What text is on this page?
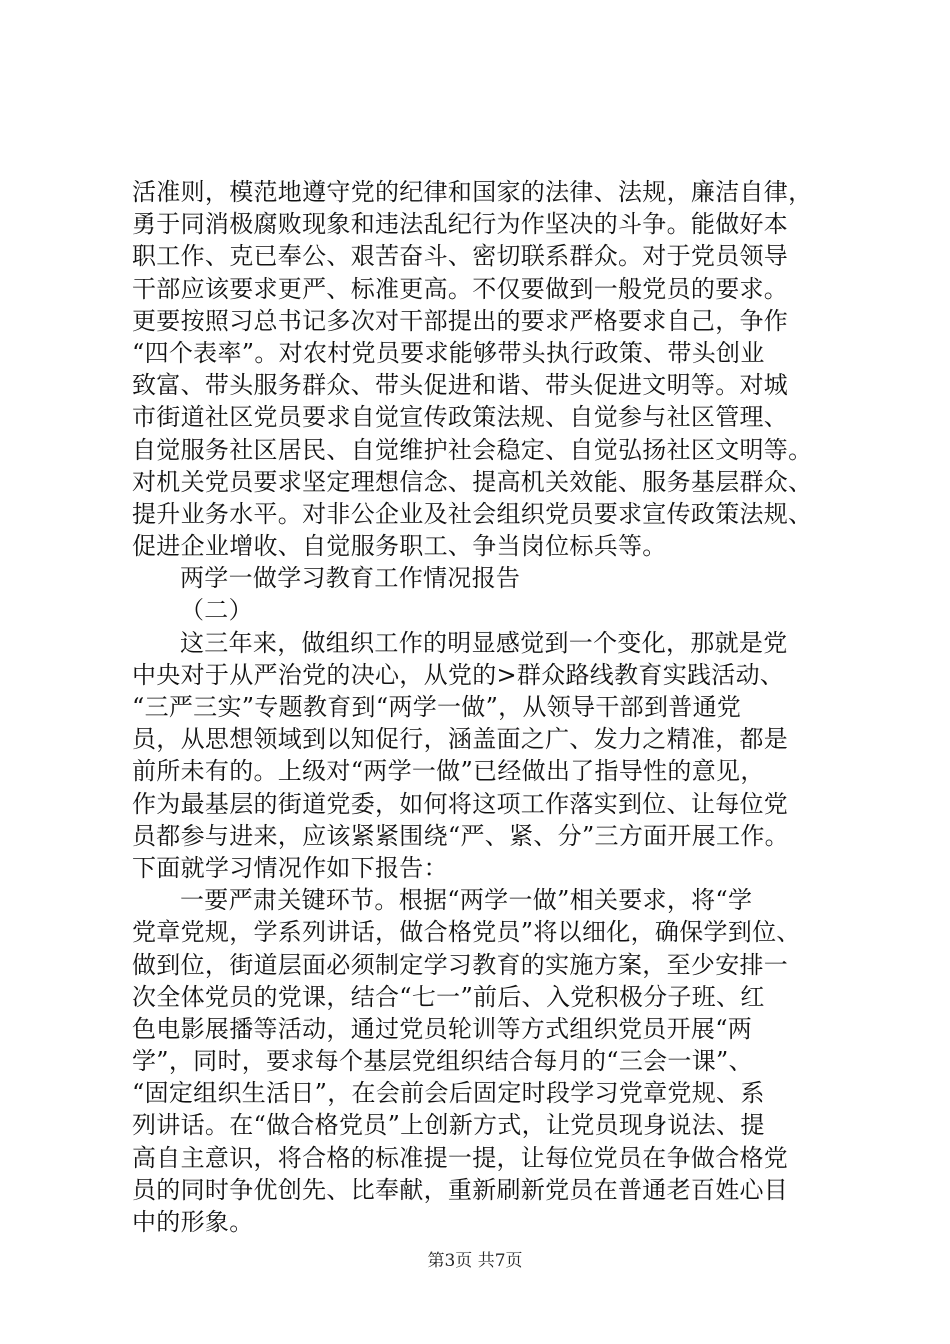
活准则，模范地遵守党的纪律和国家的法律、法规，廉洁自律，
勇于同消极腐败现象和违法乱纪行为作坚决的斗争。能做好本
职工作、克已奉公、艰苦奋斗、密切联系群众。对于党员领导
干部应该要求更严、标准更高。不仅要做到一般党员的要求。
更要按照习总书记多次对干部提出的要求严格要求自己，争作
“四个表率”。对农村党员要求能够带头执行政策、带头创业
致富、带头服务群众、带头促进和谐、带头促进文明等。对城
市街道社区党员要求自觉宣传政策法规、自觉参与社区管理、
自觉服务社区居民、自觉维护社会稳定、自觉弘扬社区文明等。
对机关党员要求坚定理想信念、提高机关效能、服务基层群众、
提升业务水平。对非公企业及社会组织党员要求宣传政策法规、
促进企业增收、自觉服务职工、争当岗位标兵等。
两学一做学习教育工作情况报告
（二）
这三年来，做组织工作的明显感觉到一个变化，那就是党
中央对于从严治党的决心，从党的>群众路线教育实践活动、
“三严三实”专题教育到“两学一做”，从领导干部到普通党
员，从思想领域到以知促行，涵盖面之广、发力之精准，都是
前所未有的。上级对“两学一做”已经做出了指导性的意见，
作为最基层的街道党委，如何将这项工作落实到位、让每位党
员都参与进来，应该紧紧围绕“严、紧、分”三方面开展工作。
下面就学习情况作如下报告：
一要严肃关键环节。根据“两学一做”相关要求，将“学
党章党规，学系列讲话，做合格党员”将以细化，确保学到位、
做到位，街道层面必须制定学习教育的实施方案，至少安排一
次全体党员的党课，结合“七一”前后、入党积极分子班、红
色电影展播等活动，通过党员轮训等方式组织党员开展“两
学”，同时，要求每个基层党组织结合每月的“三会一课”、
“固定组织生活日”，在会前会后固定时段学习党章党规、系
列讲话。在“做合格党员”上创新方式，让党员现身说法、提
高自主意识，将合格的标准提一提，让每位党员在争做合格党
员的同时争优创先、比奉献，重新刷新党员在普通老百姓心目
中的形象。
第3页 共7页
